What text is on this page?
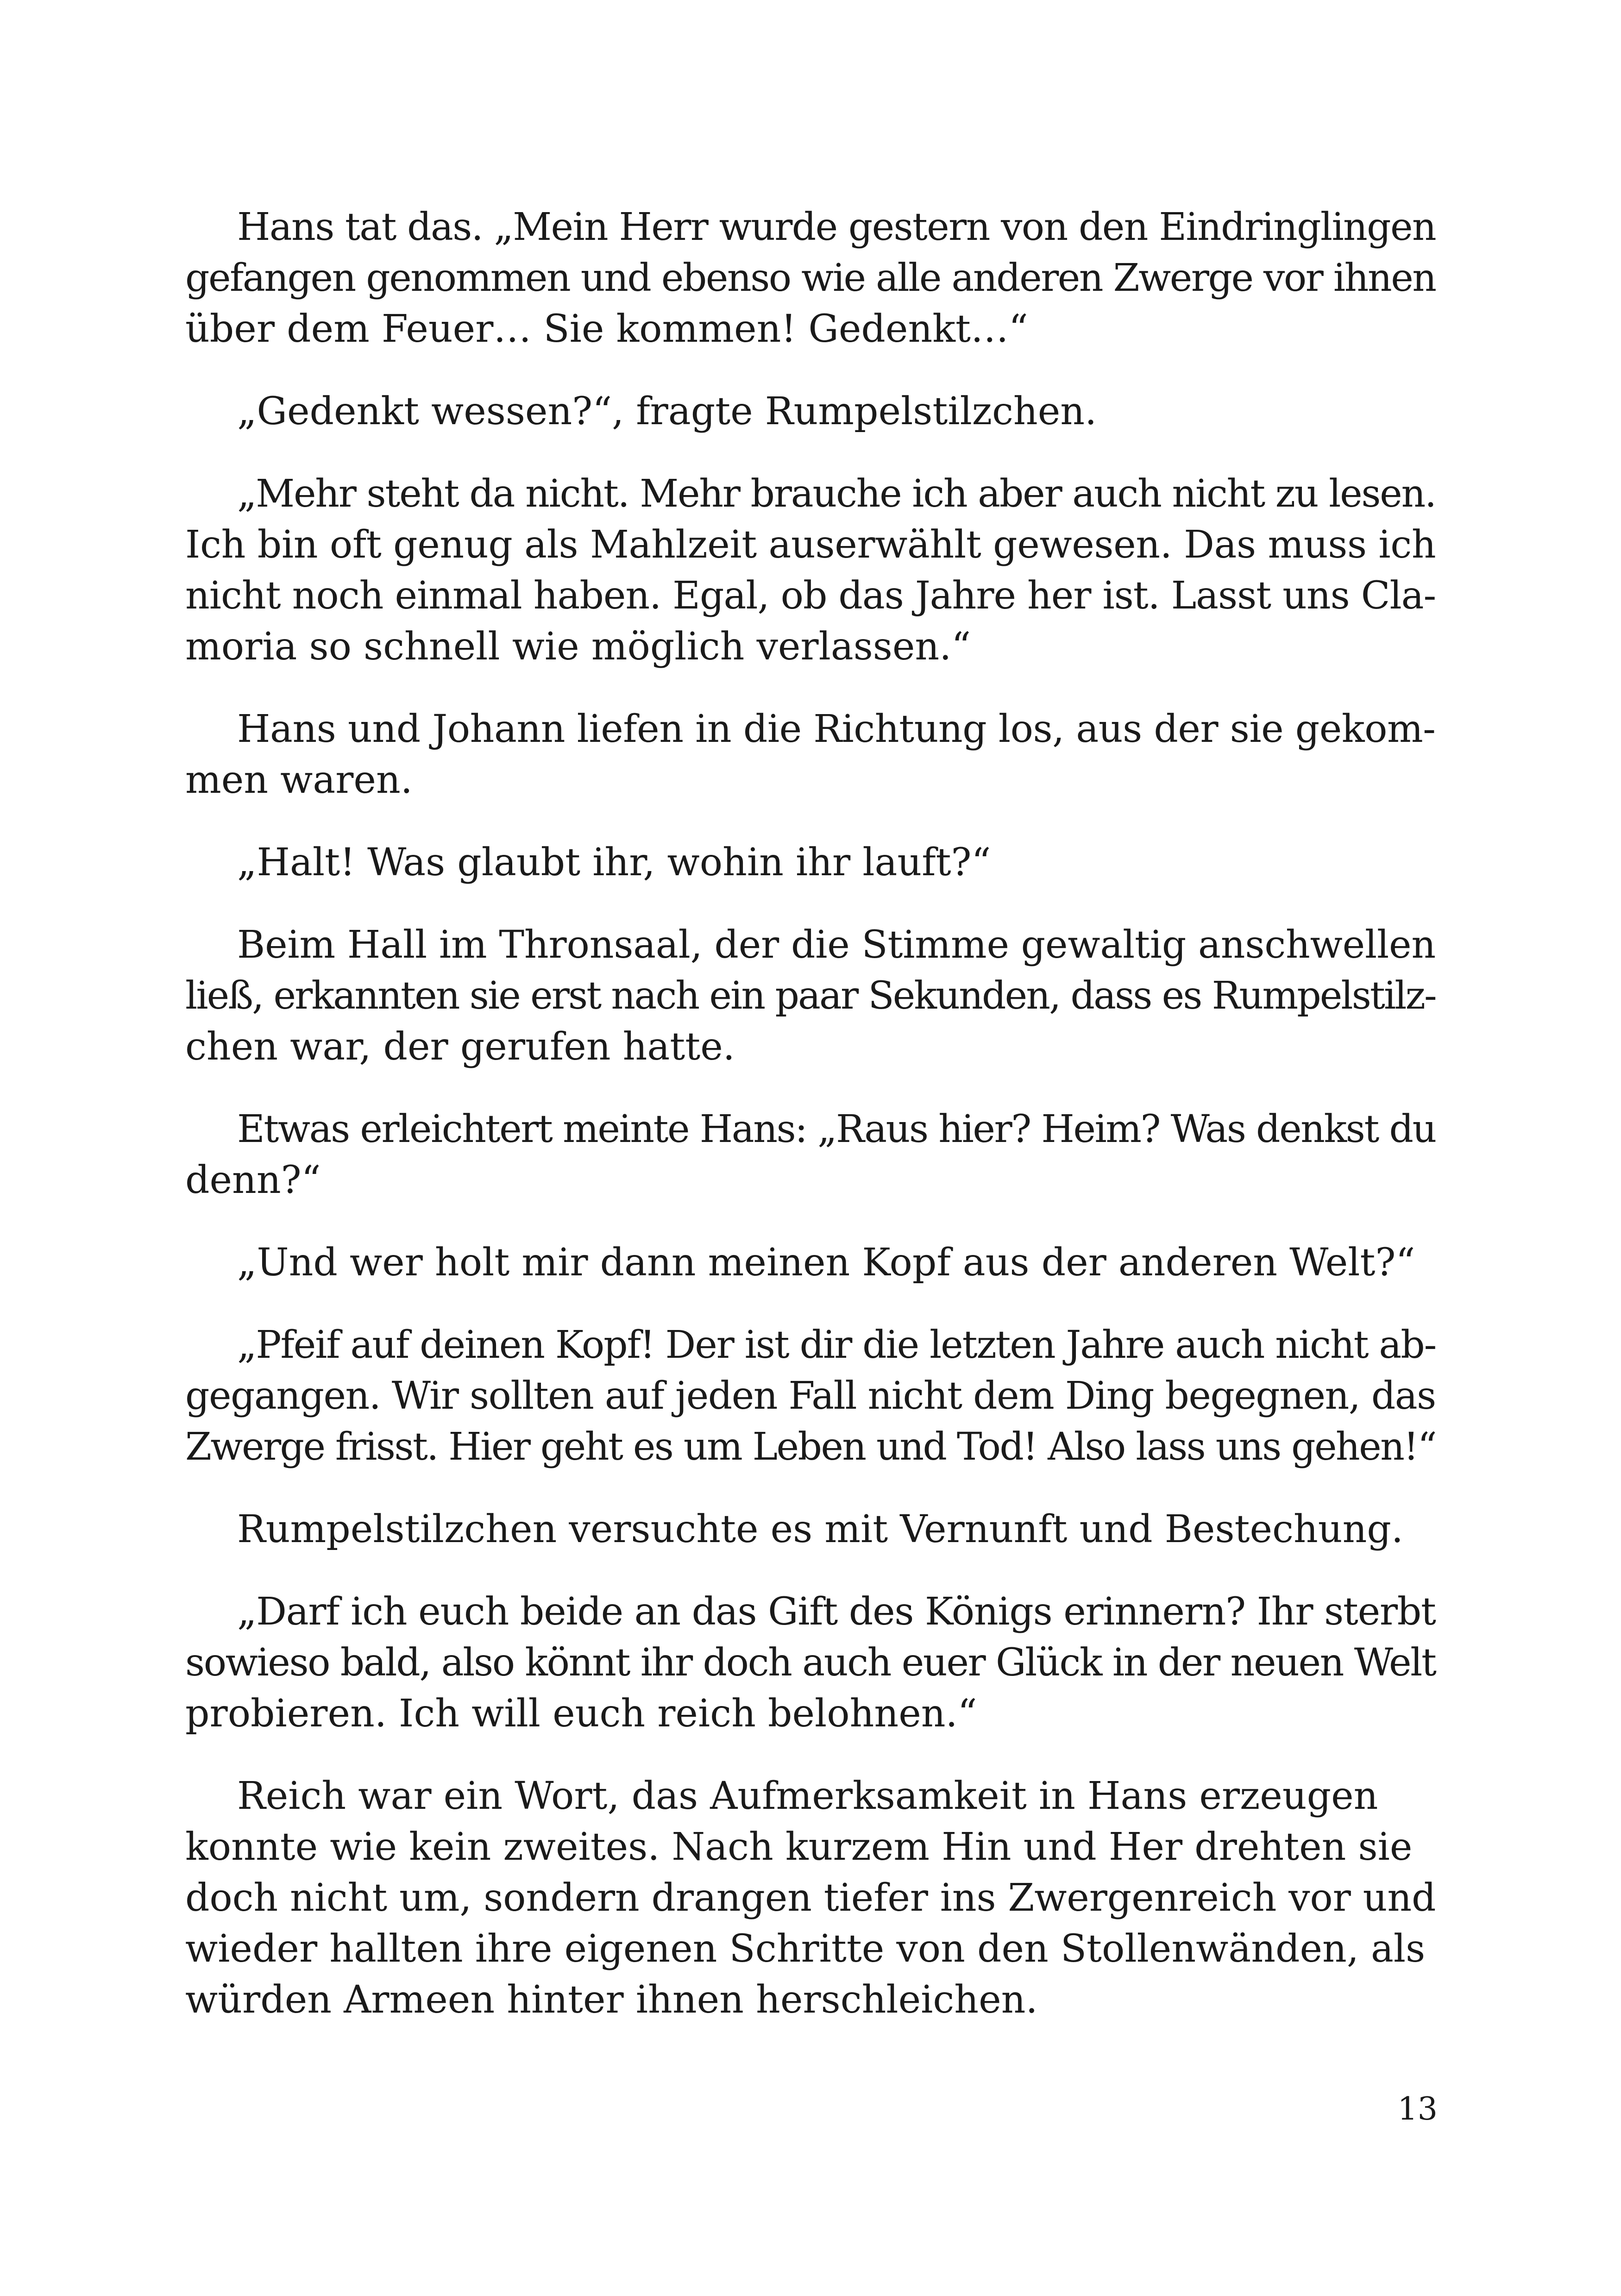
Hans tat das. „Mein Herr wurde gestern von den Eindringlingen
gefangen genommen und ebenso wie alle anderen Zwerge vor ihnen
über dem Feuer… Sie kommen! Gedenkt…“
„Gedenkt wessen?“, fragte Rumpelstilzchen.
„Mehr steht da nicht. Mehr brauche ich aber auch nicht zu lesen.
Ich bin oft genug als Mahlzeit auserwählt gewesen. Das muss ich
nicht noch einmal haben. Egal, ob das Jahre her ist. Lasst uns Cla-
moria so schnell wie möglich verlassen.“
Hans und Johann liefen in die Richtung los, aus der sie gekom-
men waren.
„Halt! Was glaubt ihr, wohin ihr lauft?“
Beim Hall im Thronsaal, der die Stimme gewaltig anschwellen
ließ, erkannten sie erst nach ein paar Sekunden, dass es Rumpelstilz-
chen war, der gerufen hatte.
Etwas erleichtert meinte Hans: „Raus hier? Heim? Was denkst du
denn?“
„Und wer holt mir dann meinen Kopf aus der anderen Welt?“
„Pfeif auf deinen Kopf! Der ist dir die letzten Jahre auch nicht ab-
gegangen. Wir sollten auf jeden Fall nicht dem Ding begegnen, das
Zwerge frisst. Hier geht es um Leben und Tod! Also lass uns gehen!“
Rumpelstilzchen versuchte es mit Vernunft und Bestechung.
„Darf ich euch beide an das Gift des Königs erinnern? Ihr sterbt
sowieso bald, also könnt ihr doch auch euer Glück in der neuen Welt
probieren. Ich will euch reich belohnen.“
Reich war ein Wort, das Aufmerksamkeit in Hans erzeugen
konnte wie kein zweites. Nach kurzem Hin und Her drehten sie
doch nicht um, sondern drangen tiefer ins Zwergenreich vor und
wieder hallten ihre eigenen Schritte von den Stollenwänden, als
würden Armeen hinter ihnen herschleichen.
13
